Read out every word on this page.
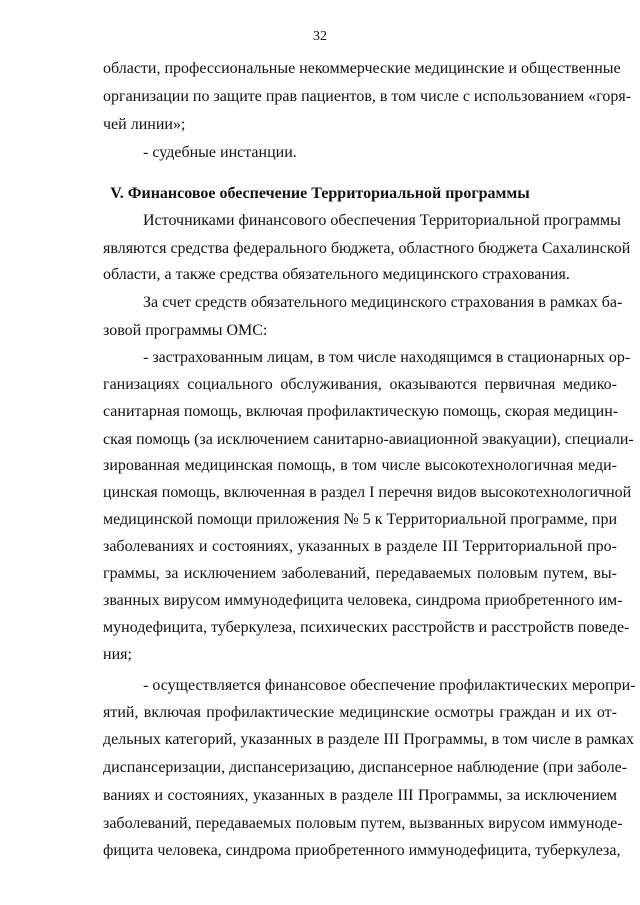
32
области, профессиональные некоммерческие медицинские и общественные
организации по защите прав пациентов, в том числе с использованием «горя-
чей линии»;
- судебные инстанции.
V. Финансовое обеспечение Территориальной программы
Источниками финансового обеспечения Территориальной программы
являются средства федерального бюджета, областного бюджета Сахалинской
области, а также средства обязательного медицинского страхования.
За счет средств обязательного медицинского страхования в рамках ба-
зовой программы ОМС:
- застрахованным лицам, в том числе находящимся в стационарных ор-
ганизациях социального обслуживания, оказываются первичная медико-
санитарная помощь, включая профилактическую помощь, скорая медицин-
ская помощь (за исключением санитарно-авиационной эвакуации), специали-
зированная медицинская помощь, в том числе высокотехнологичная меди-
цинская помощь, включенная в раздел I перечня видов высокотехнологичной
медицинской помощи приложения № 5 к Территориальной программе, при
заболеваниях и состояниях, указанных в разделе III Территориальной про-
граммы, за исключением заболеваний, передаваемых половым путем, вы-
званных вирусом иммунодефицита человека, синдрома приобретенного им-
мунодефицита, туберкулеза, психических расстройств и расстройств поведе-
ния;
- осуществляется финансовое обеспечение профилактических меропри-
ятий, включая профилактические медицинские осмотры граждан и их от-
дельных категорий, указанных в разделе III Программы, в том числе в рамках
диспансеризации, диспансеризацию, диспансерное наблюдение (при заболе-
ваниях и состояниях, указанных в разделе III Программы, за исключением
заболеваний, передаваемых половым путем, вызванных вирусом иммуноде-
фицита человека, синдрома приобретенного иммунодефицита, туберкулеза,
